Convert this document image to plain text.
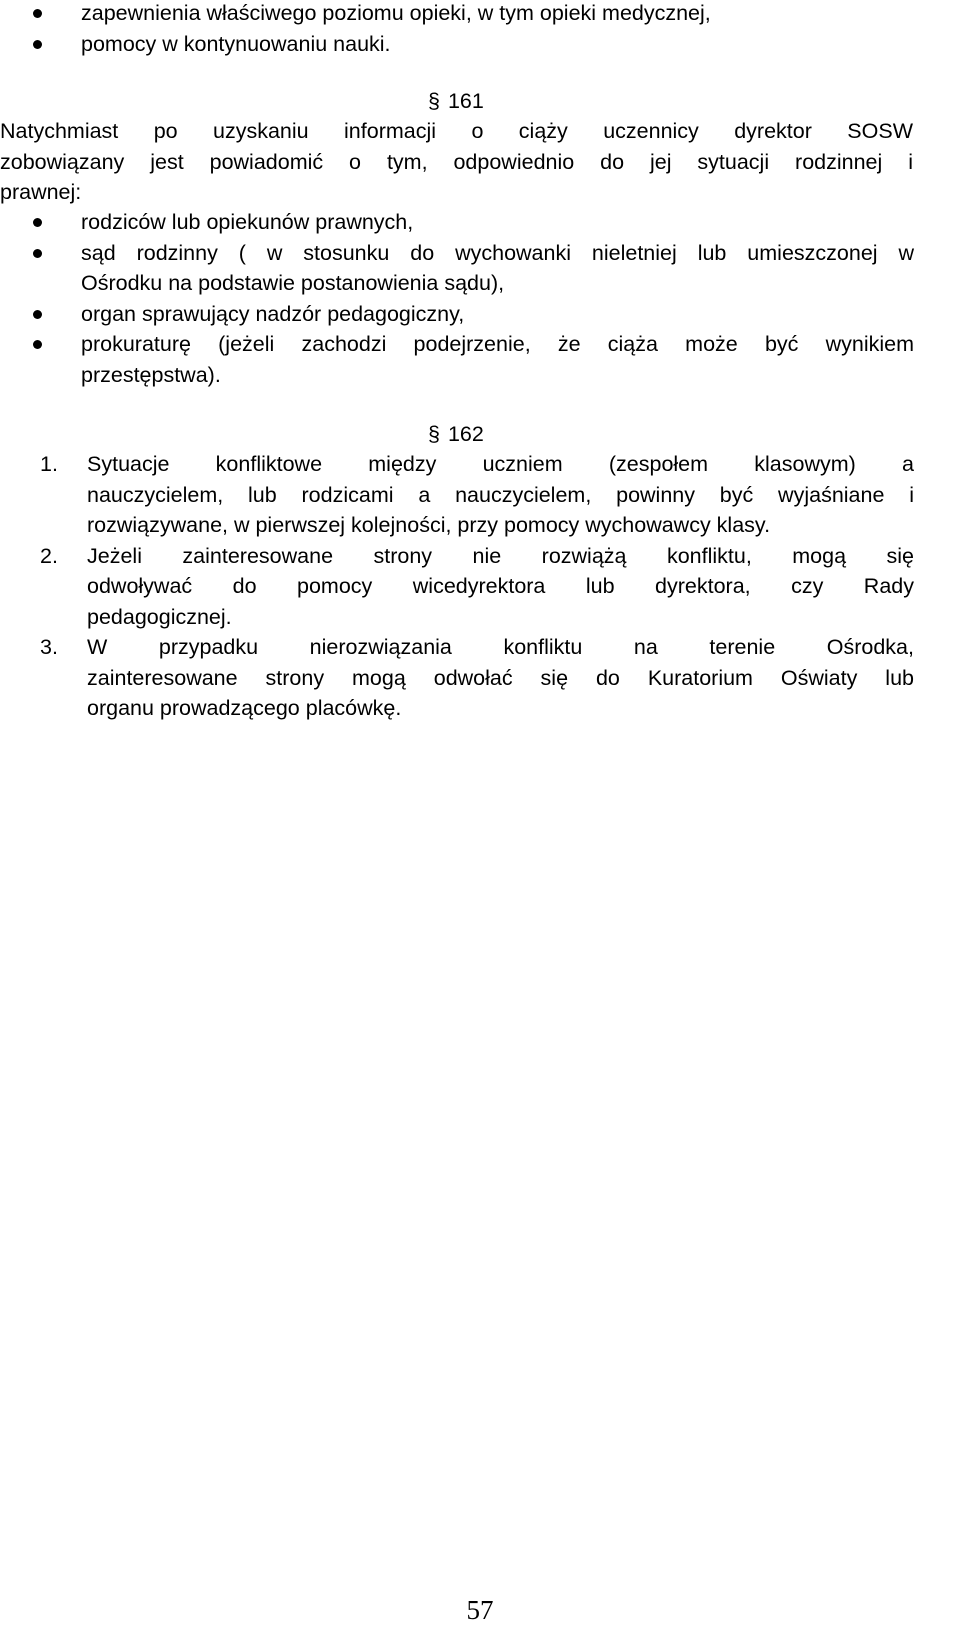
zapewnienia właściwego poziomu opieki, w tym opieki medycznej,
pomocy w kontynuowaniu nauki.
§ 161
Natychmiast po uzyskaniu informacji o ciąży uczennicy dyrektor SOSW
zobowiązany jest powiadomić o tym, odpowiednio do jej sytuacji rodzinnej i
prawnej:
rodziców lub opiekunów prawnych,
sąd rodzinny ( w stosunku do wychowanki nieletniej lub umieszczonej w
Ośrodku na podstawie postanowienia sądu),
organ sprawujący nadzór pedagogiczny,
prokuraturę (jeżeli zachodzi podejrzenie, że ciąża może być wynikiem
przestępstwa).
§ 162
1. Sytuacje konfliktowe między uczniem (zespołem klasowym) a
nauczycielem, lub rodzicami a nauczycielem, powinny być wyjaśniane i
rozwiązywane, w pierwszej kolejności, przy pomocy wychowawcy klasy.
2. Jeżeli zainteresowane strony nie rozwiążą konfliktu, mogą się
odwoływać do pomocy wicedyrektora lub dyrektora, czy Rady
pedagogicznej.
3. W przypadku nierozwiązania konfliktu na terenie Ośrodka,
zainteresowane strony mogą odwołać się do Kuratorium Oświaty lub
organu prowadzącego placówkę.
57
